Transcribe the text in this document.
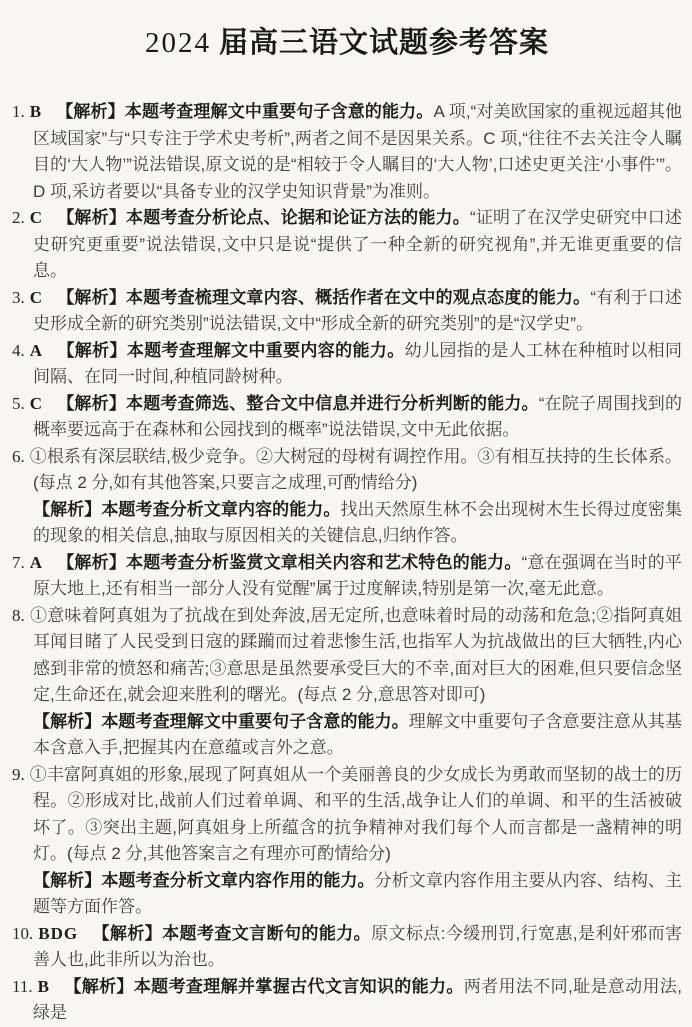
2024 届高三语文试题参考答案

1. B 【解析】本题考查理解文中重要句子含意的能力。A 项,“对美欧国家的重视远超其他区域国家”与“只专注于学术史考析”,两者之间不是因果关系。C 项,“往往不去关注令人瞩目的‘大人物’”说法错误,原文说的是“相较于令人瞩目的‘大人物’,口述史更关注‘小事件’”。D 项,采访者要以“具备专业的汉学史知识背景”为准则。

2. C 【解析】本题考查分析论点、论据和论证方法的能力。“证明了在汉学史研究中口述史研究更重要”说法错误,文中只是说“提供了一种全新的研究视角”,并无谁更重要的信息。

3. C 【解析】本题考查梳理文章内容、概括作者在文中的观点态度的能力。“有利于口述史形成全新的研究类别”说法错误,文中“形成全新的研究类别”的是“汉学史”。

4. A 【解析】本题考查理解文中重要内容的能力。幼儿园指的是人工林在种植时以相同间隔、在同一时间,种植同龄树种。

5. C 【解析】本题考查筛选、整合文中信息并进行分析判断的能力。“在院子周围找到的概率要远高于在森林和公园找到的概率”说法错误,文中无此依据。

6. ①根系有深层联结,极少竞争。②大树冠的母树有调控作用。③有相互扶持的生长体系。(每点 2 分,如有其他答案,只要言之成理,可酌情给分)

【解析】本题考查分析文章内容的能力。找出天然原生林不会出现树木生长得过度密集的现象的相关信息,抽取与原因相关的关键信息,归纳作答。

7. A 【解析】本题考查分析鉴赏文章相关内容和艺术特色的能力。“意在强调在当时的平原大地上,还有相当一部分人没有觉醒”属于过度解读,特别是第一次,毫无此意。

8. ①意味着阿真姐为了抗战在到处奔波,居无定所,也意味着时局的动荡和危急;②指阿真姐耳闻目睹了人民受到日寇的蹂躏而过着悲惨生活,也指军人为抗战做出的巨大牺牲,内心感到非常的愤怒和痛苦;③意思是虽然要承受巨大的不幸,面对巨大的困难,但只要信念坚定,生命还在,就会迎来胜利的曙光。(每点 2 分,意思答对即可)

【解析】本题考查理解文中重要句子含意的能力。理解文中重要句子含意要注意从其基本含意入手,把握其内在意蕴或言外之意。

9. ①丰富阿真姐的形象,展现了阿真姐从一个美丽善良的少女成长为勇敢而坚韧的战士的历程。②形成对比,战前人们过着单调、和平的生活,战争让人们的单调、和平的生活被破坏了。③突出主题,阿真姐身上所蕴含的抗争精神对我们每个人而言都是一盏精神的明灯。(每点 2 分,其他答案言之有理亦可酌情给分)

【解析】本题考查分析文章内容作用的能力。分析文章内容作用主要从内容、结构、主题等方面作答。

10. BDG 【解析】本题考查文言断句的能力。原文标点:今缓刑罚,行宽惠,是利奸邪而害善人也,此非所以为治也。

11. B 【解析】本题考查理解并掌握古代文言知识的能力。两者用法不同,耻是意动用法,绿是
